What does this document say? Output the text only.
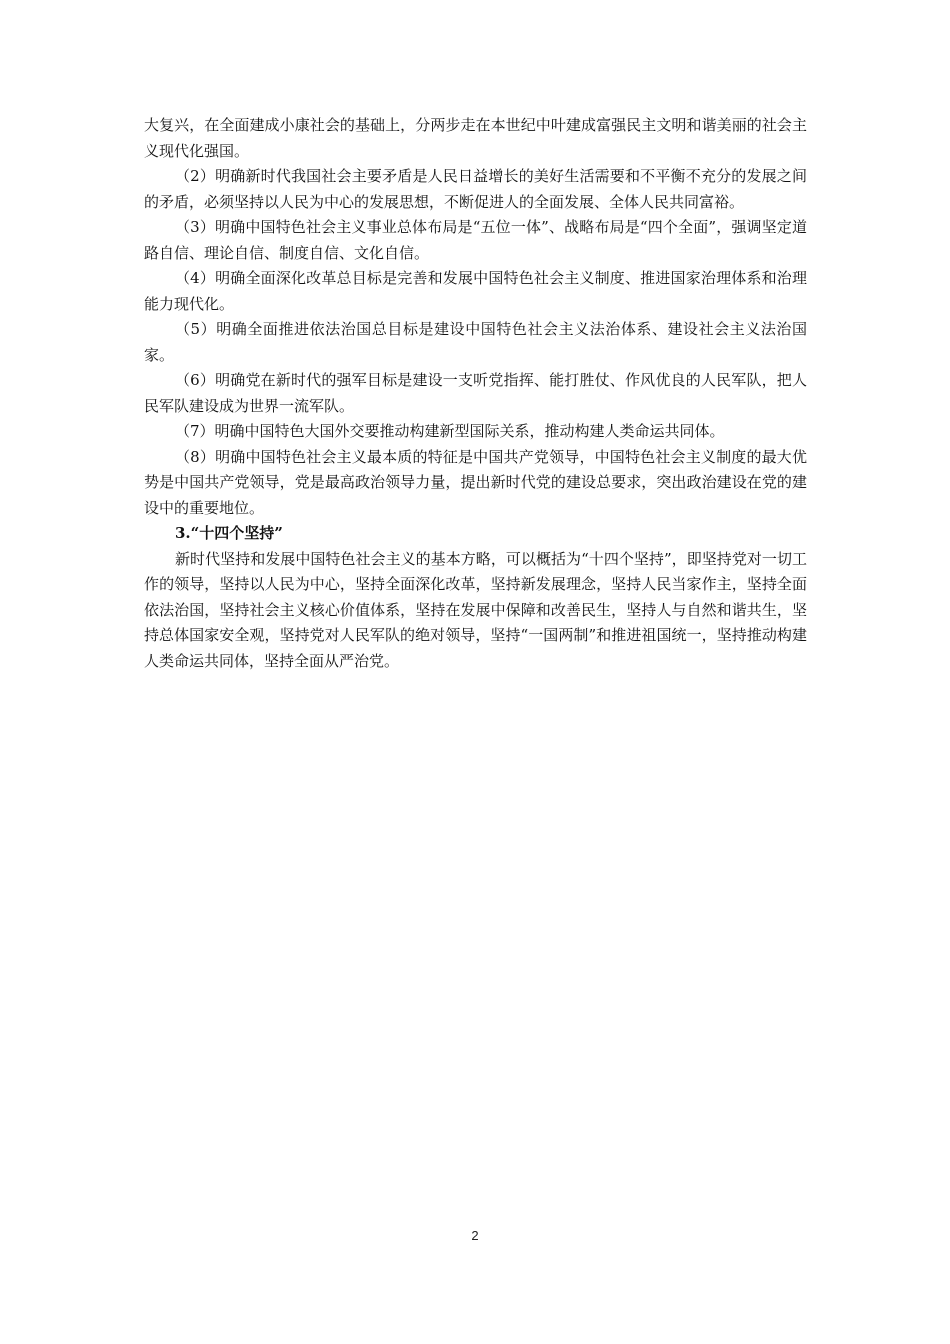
大复兴，在全面建成小康社会的基础上，分两步走在本世纪中叶建成富强民主文明和谐美丽的社会主义现代化强国。

（2）明确新时代我国社会主要矛盾是人民日益增长的美好生活需要和不平衡不充分的发展之间的矛盾，必须坚持以人民为中心的发展思想，不断促进人的全面发展、全体人民共同富裕。

（3）明确中国特色社会主义事业总体布局是“五位一体”、战略布局是“四个全面”，强调坚定道路自信、理论自信、制度自信、文化自信。

（4）明确全面深化改革总目标是完善和发展中国特色社会主义制度、推进国家治理体系和治理能力现代化。

（5）明确全面推进依法治国总目标是建设中国特色社会主义法治体系、建设社会主义法治国家。

（6）明确党在新时代的强军目标是建设一支听党指挥、能打胜仗、作风优良的人民军队，把人民军队建设成为世界一流军队。

（7）明确中国特色大国外交要推动构建新型国际关系，推动构建人类命运共同体。

（8）明确中国特色社会主义最本质的特征是中国共产党领导，中国特色社会主义制度的最大优势是中国共产党领导，党是最高政治领导力量，提出新时代党的建设总要求，突出政治建设在党的建设中的重要地位。

3.“十四个坚持”

新时代坚持和发展中国特色社会主义的基本方略，可以概括为“十四个坚持”，即坚持党对一切工作的领导，坚持以人民为中心，坚持全面深化改革，坚持新发展理念，坚持人民当家作主，坚持全面依法治国，坚持社会主义核心价值体系，坚持在发展中保障和改善民生，坚持人与自然和谐共生，坚持总体国家安全观，坚持党对人民军队的绝对领导，坚持“一国两制”和推进祖国统一，坚持推动构建人类命运共同体，坚持全面从严治党。

2
